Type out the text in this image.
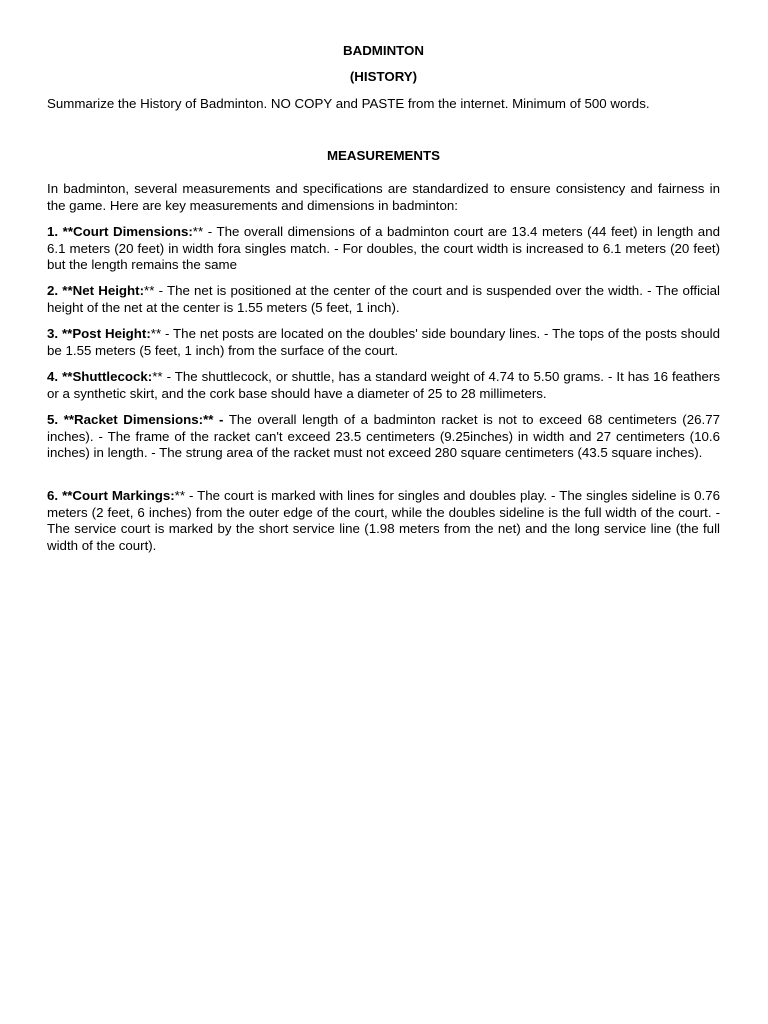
BADMINTON
(HISTORY)

Summarize the History of Badminton. NO COPY and PASTE from the internet. Minimum of 500 words.

MEASUREMENTS

In badminton, several measurements and specifications are standardized to ensure consistency and fairness in the game. Here are key measurements and dimensions in badminton:

1. **Court Dimensions:** - The overall dimensions of a badminton court are 13.4 meters (44 feet) in length and 6.1 meters (20 feet) in width fora singles match. - For doubles, the court width is increased to 6.1 meters (20 feet) but the length remains the same

2. **Net Height:** - The net is positioned at the center of the court and is suspended over the width. - The official height of the net at the center is 1.55 meters (5 feet, 1 inch).

3. **Post Height:** - The net posts are located on the doubles' side boundary lines. - The tops of the posts should be 1.55 meters (5 feet, 1 inch) from the surface of the court.

4. **Shuttlecock:** - The shuttlecock, or shuttle, has a standard weight of 4.74 to 5.50 grams. - It has 16 feathers or a synthetic skirt, and the cork base should have a diameter of 25 to 28 millimeters.

5. **Racket Dimensions:** - The overall length of a badminton racket is not to exceed 68 centimeters (26.77 inches). - The frame of the racket can't exceed 23.5 centimeters (9.25inches) in width and 27 centimeters (10.6 inches) in length. - The strung area of the racket must not exceed 280 square centimeters (43.5 square inches).

6. **Court Markings:** - The court is marked with lines for singles and doubles play. - The singles sideline is 0.76 meters (2 feet, 6 inches) from the outer edge of the court, while the doubles sideline is the full width of the court. - The service court is marked by the short service line (1.98 meters from the net) and the long service line (the full width of the court).
